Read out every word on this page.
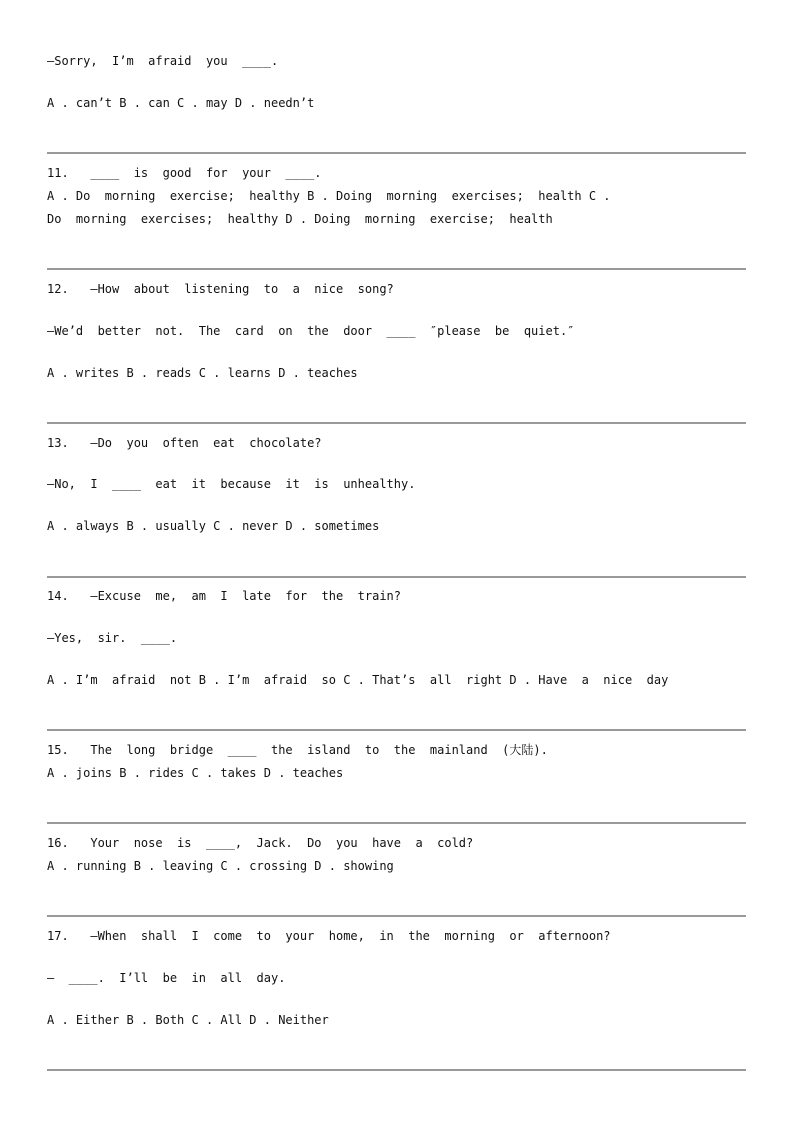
—Sorry,  I’m  afraid  you  ____.
A . can’t B . can C . may D . needn’t
11.   ____  is  good  for  your  ____.
A . Do  morning  exercise;  healthy B . Doing  morning  exercises;  health C .
Do  morning  exercises;  healthy D . Doing  morning  exercise;  health
12.   —How  about  listening  to  a  nice  song?
—We’d  better  not.  The  card  on  the  door  ____  ″please  be  quiet.″
A . writes B . reads C . learns D . teaches
13.   —Do  you  often  eat  chocolate?
—No,  I  ____  eat  it  because  it  is  unhealthy.
A . always B . usually C . never D . sometimes
14.   —Excuse  me,  am  I  late  for  the  train?
—Yes,  sir.  ____.
A . I’m  afraid  not B . I’m  afraid  so C . That’s  all  right D . Have  a  nice  day
15.   The  long  bridge  ____  the  island  to  the  mainland  (大陆).
A . joins B . rides C . takes D . teaches
16.   Your  nose  is  ____,  Jack.  Do  you  have  a  cold?
A . running B . leaving C . crossing D . showing
17.   —When  shall  I  come  to  your  home,  in  the  morning  or  afternoon?
—  ____.  I’ll  be  in  all  day.
A . Either B . Both C . All D . Neither
